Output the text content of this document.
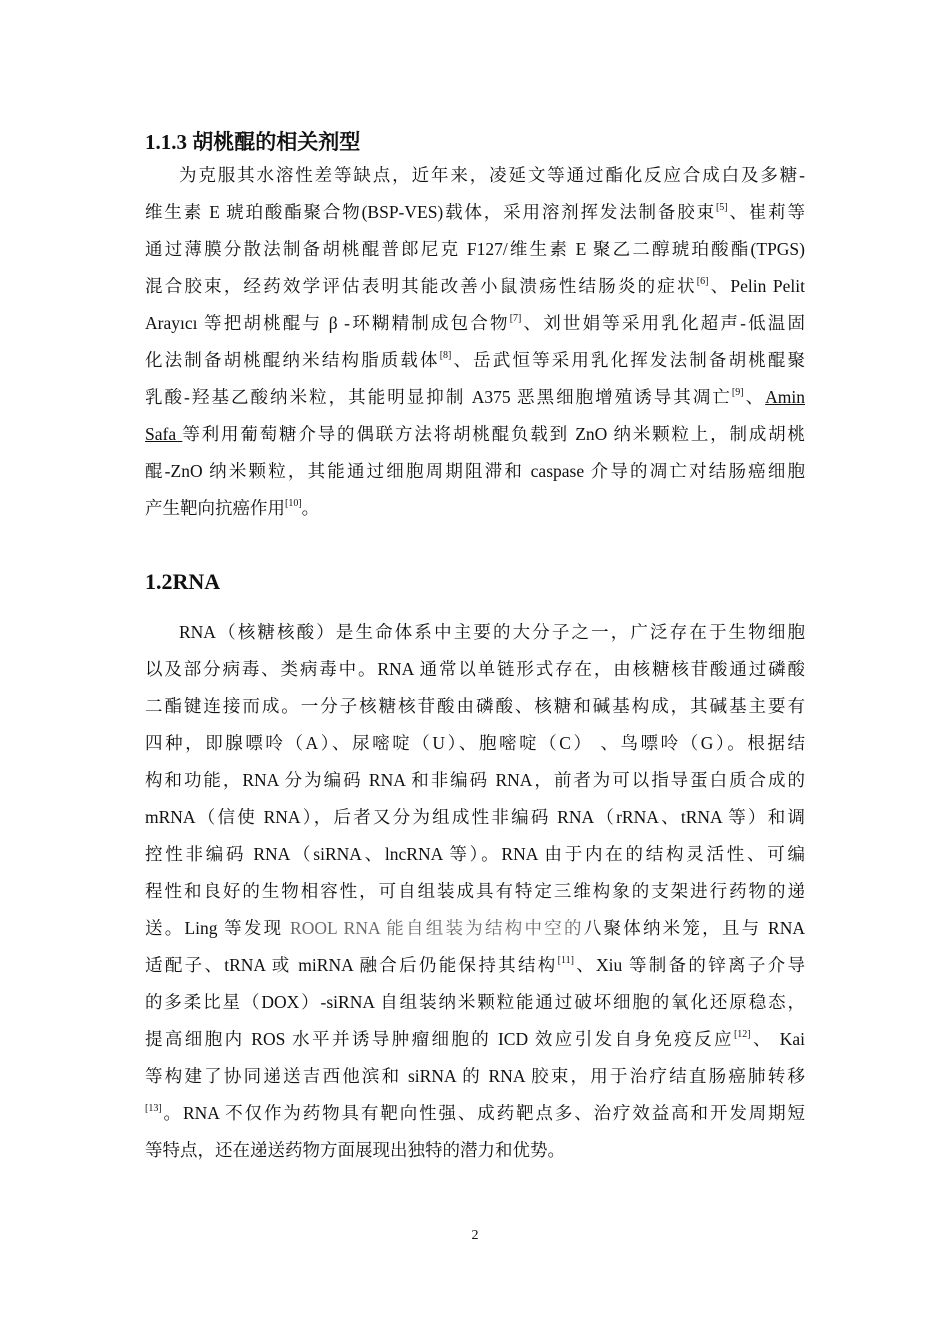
1.1.3 胡桃醌的相关剂型
为克服其水溶性差等缺点，近年来，凌延文等通过酯化反应合成白及多糖-
维生素 E 琥珀酸酯聚合物(BSP-VES)载体，采用溶剂挥发法制备胶束[5]、崔莉等
通过薄膜分散法制备胡桃醌普郎尼克 F127/维生素 E 聚乙二醇琥珀酸酯(TPGS)
混合胶束，经药效学评估表明其能改善小鼠溃疡性结肠炎的症状[6]、Pelin Pelit
Arayıcı 等把胡桃醌与 β -环糊精制成包合物[7]、刘世娟等采用乳化超声-低温固
化法制备胡桃醌纳米结构脂质载体[8]、岳武恒等采用乳化挥发法制备胡桃醌聚
乳酸-羟基乙酸纳米粒，其能明显抑制 A375 恶黑细胞增殖诱导其凋亡[9]、Amin
Safa 等利用葡萄糖介导的偶联方法将胡桃醌负载到 ZnO 纳米颗粒上，制成胡桃
醌-ZnO 纳米颗粒，其能通过细胞周期阻滞和 caspase 介导的凋亡对结肠癌细胞
产生靶向抗癌作用[10]。
1.2RNA
RNA（核糖核酸）是生命体系中主要的大分子之一，广泛存在于生物细胞
以及部分病毒、类病毒中。RNA 通常以单链形式存在，由核糖核苷酸通过磷酸
二酯键连接而成。一分子核糖核苷酸由磷酸、核糖和碱基构成，其碱基主要有
四种，即腺嘌呤（A）、尿嘧啶（U）、胞嘧啶（C） 、鸟嘌呤（G）。根据结
构和功能，RNA 分为编码 RNA 和非编码 RNA，前者为可以指导蛋白质合成的
mRNA（信使 RNA），后者又分为组成性非编码 RNA（rRNA、tRNA 等）和调
控性非编码 RNA（siRNA、lncRNA 等）。RNA 由于内在的结构灵活性、可编
程性和良好的生物相容性，可自组装成具有特定三维构象的支架进行药物的递
送。Ling 等发现 ROOL RNA 能自组装为结构中空的八聚体纳米笼，且与 RNA
适配子、tRNA 或 miRNA 融合后仍能保持其结构[11]、Xiu 等制备的锌离子介导
的多柔比星（DOX）-siRNA 自组装纳米颗粒能通过破坏细胞的氧化还原稳态，
提高细胞内 ROS 水平并诱导肿瘤细胞的 ICD 效应引发自身免疫反应[12]、 Kai
等构建了协同递送吉西他滨和 siRNA 的 RNA 胶束，用于治疗结直肠癌肺转移
[13]。RNA 不仅作为药物具有靶向性强、成药靶点多、治疗效益高和开发周期短
等特点，还在递送药物方面展现出独特的潜力和优势。
2
